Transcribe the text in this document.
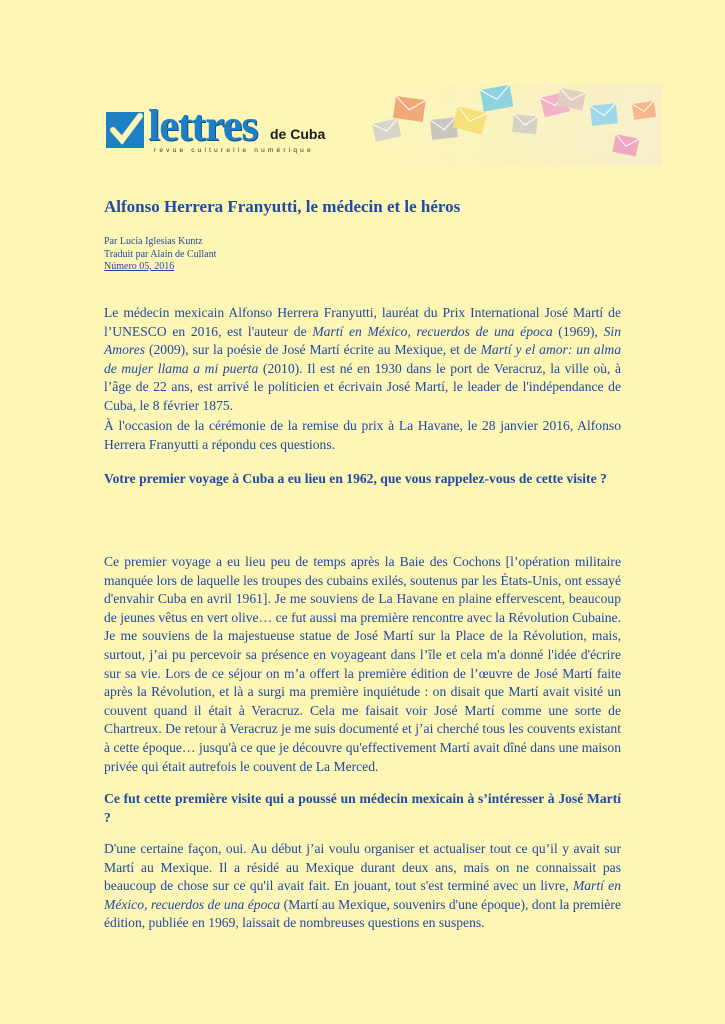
lettres de Cuba
revue culturelle numérique
Alfonso Herrera Franyutti, le médecin et le héros
Par Lucia Iglesias Kuntz
Traduit par Alain de Cullant
Número 05, 2016

Le médecin mexicain Alfonso Herrera Franyutti, lauréat du Prix International José Martí de l’UNESCO en 2016, est l'auteur de Martí en México, recuerdos de una época (1969), Sin Amores (2009), sur la poésie de José Martí écrite au Mexique, et de Martí y el amor: un alma de mujer llama a mi puerta (2010). Il est né en 1930 dans le port de Veracruz, la ville où, à l’âge de 22 ans, est arrivé le politicien et écrivain José Martí, le leader de l'indépendance de Cuba, le 8 février 1875.

À l'occasion de la cérémonie de la remise du prix à La Havane, le 28 janvier 2016, Alfonso Herrera Franyutti a répondu ces questions.

Votre premier voyage à Cuba a eu lieu en 1962, que vous rappelez-vous de cette visite ?

Ce premier voyage a eu lieu peu de temps après la Baie des Cochons [l’opération militaire manquée lors de laquelle les troupes des cubains exilés, soutenus par les États-Unis, ont essayé d'envahir Cuba en avril 1961]. Je me souviens de La Havane en plaine effervescent, beaucoup de jeunes vêtus en vert olive… ce fut aussi ma première rencontre avec la Révolution Cubaine. Je me souviens de la majestueuse statue de José Martí sur la Place de la Révolution, mais, surtout, j’ai pu percevoir sa présence en voyageant dans l’île et cela m'a donné l'idée d'écrire sur sa vie. Lors de ce séjour on m’a offert la première édition de l’œuvre de José Martí faite après la Révolution, et là a surgi ma première inquiétude : on disait que Martí avait visité un couvent quand il était à Veracruz. Cela me faisait voir José Martí comme une sorte de Chartreux. De retour à Veracruz je me suis documenté et j’ai cherché tous les couvents existant à cette époque… jusqu'à ce que je découvre qu'effectivement Martí avait dîné dans une maison privée qui était autrefois le couvent de La Merced.

Ce fut cette première visite qui a poussé un médecin mexicain à s’intéresser à José Martí ?

D'une certaine façon, oui. Au début j’ai voulu organiser et actualiser tout ce qu’il y avait sur Martí au Mexique. Il a résidé au Mexique durant deux ans, mais on ne connaissait pas beaucoup de chose sur ce qu'il avait fait. En jouant, tout s'est terminé avec un livre, Martí en México, recuerdos de una época (Martí au Mexique, souvenirs d'une époque), dont la première édition, publiée en 1969, laissait de nombreuses questions en suspens.
